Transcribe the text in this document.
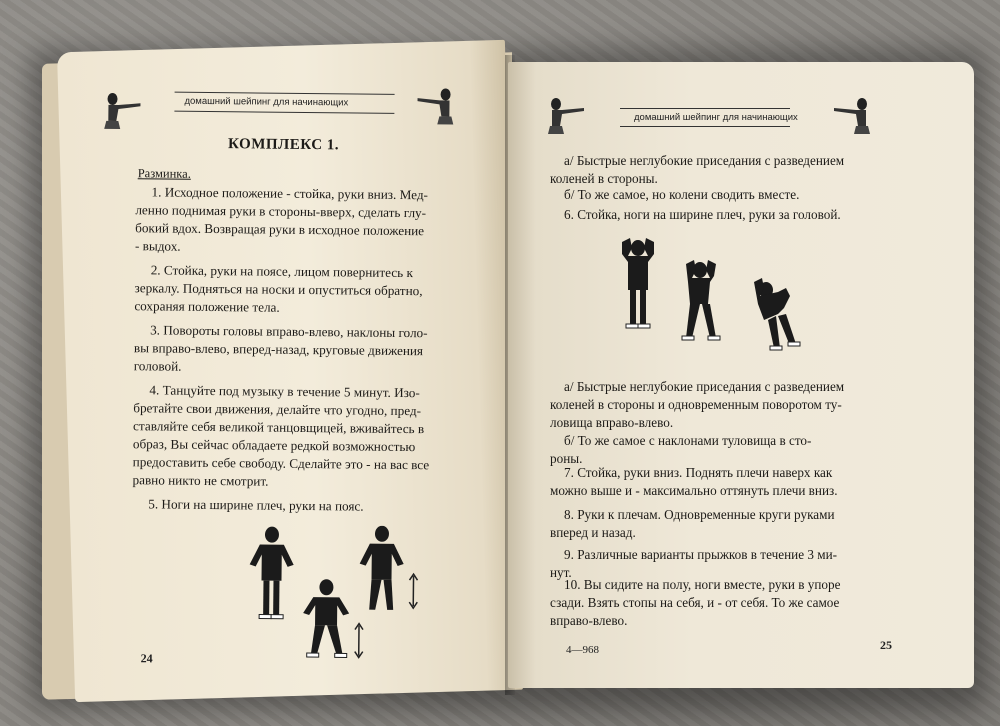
домашний шейпинг для начинающих
КОМПЛЕКС 1.
Разминка.
1. Исходное положение - стойка, руки вниз. Мед-
ленно поднимая руки в стороны-вверх, сделать глу-
бокий вдох. Возвращая руки в исходное положение
- выдох.
2. Стойка, руки на поясе, лицом повернитесь к
зеркалу. Подняться на носки и опуститься обратно,
сохраняя положение тела.
3. Повороты головы вправо-влево, наклоны голо-
вы вправо-влево, вперед-назад, круговые движения
головой.
4. Танцуйте под музыку в течение 5 минут. Изо-
бретайте свои движения, делайте что угодно, пред-
ставляйте себя великой танцовщицей, вживайтесь в
образ, Вы сейчас обладаете редкой возможностью
предоставить себе свободу. Сделайте это - на вас все
равно никто не смотрит.
5. Ноги на ширине плеч, руки на пояс.
24
домашний шейпинг для начинающих
а/ Быстрые неглубокие приседания с разведением
коленей в стороны.
б/ То же самое, но колени сводить вместе.
6. Стойка, ноги на ширине плеч, руки за головой.
а/ Быстрые неглубокие приседания с разведением
коленей в стороны и одновременным поворотом ту-
ловища вправо-влево.
б/ То же самое с наклонами туловища в сто-
роны.
7. Стойка, руки вниз. Поднять плечи наверх как
можно выше и - максимально оттянуть плечи вниз.
8. Руки к плечам. Одновременные круги руками
вперед и назад.
9. Различные варианты прыжков в течение 3 ми-
нут.
10. Вы сидите на полу, ноги вместе, руки в упоре
сзади. Взять стопы на себя, и - от себя. То же самое
вправо-влево.
4—968	25
